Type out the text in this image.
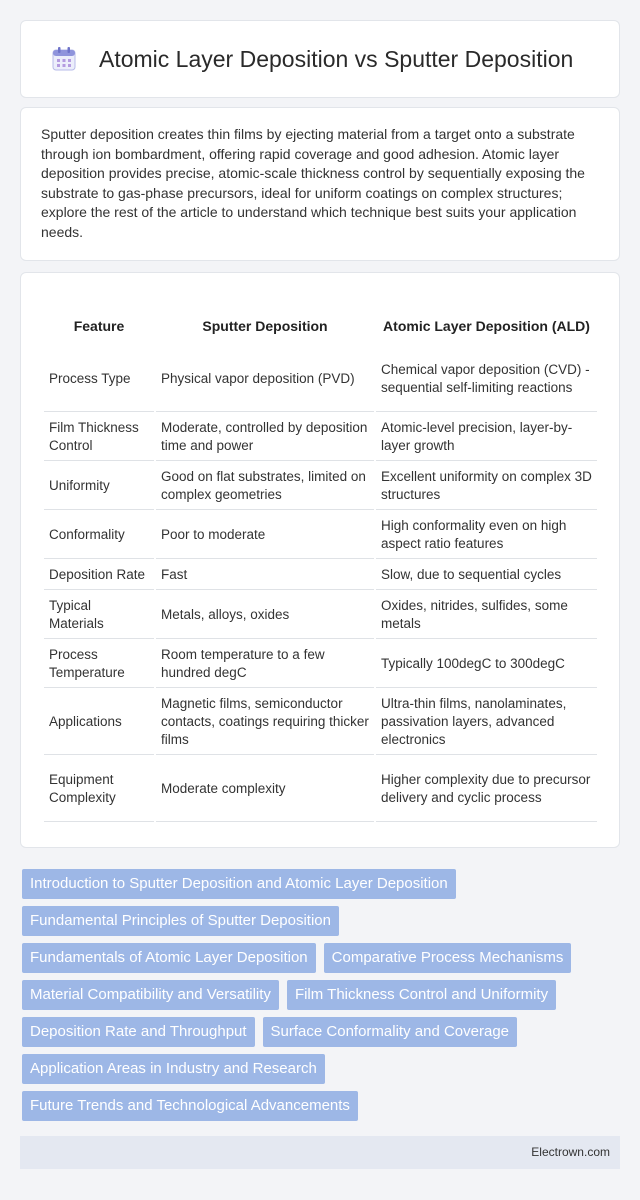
Atomic Layer Deposition vs Sputter Deposition

Sputter deposition creates thin films by ejecting material from a target onto a substrate through ion bombardment, offering rapid coverage and good adhesion. Atomic layer deposition provides precise, atomic-scale thickness control by sequentially exposing the substrate to gas-phase precursors, ideal for uniform coatings on complex structures; explore the rest of the article to understand which technique best suits your application needs.

Feature	Sputter Deposition	Atomic Layer Deposition (ALD)
Process Type	Physical vapor deposition (PVD)	Chemical vapor deposition (CVD) - sequential self-limiting reactions
Film Thickness Control	Moderate, controlled by deposition time and power	Atomic-level precision, layer-by-layer growth
Uniformity	Good on flat substrates, limited on complex geometries	Excellent uniformity on complex 3D structures
Conformality	Poor to moderate	High conformality even on high aspect ratio features
Deposition Rate	Fast	Slow, due to sequential cycles
Typical Materials	Metals, alloys, oxides	Oxides, nitrides, sulfides, some metals
Process Temperature	Room temperature to a few hundred degC	Typically 100degC to 300degC
Applications	Magnetic films, semiconductor contacts, coatings requiring thicker films	Ultra-thin films, nanolaminates, passivation layers, advanced electronics
Equipment Complexity	Moderate complexity	Higher complexity due to precursor delivery and cyclic process
Introduction to Sputter Deposition and Atomic Layer Deposition
Fundamental Principles of Sputter Deposition
Fundamentals of Atomic Layer Deposition	Comparative Process Mechanisms
Material Compatibility and Versatility	Film Thickness Control and Uniformity
Deposition Rate and Throughput	Surface Conformality and Coverage
Application Areas in Industry and Research
Future Trends and Technological Advancements
Electrown.com
